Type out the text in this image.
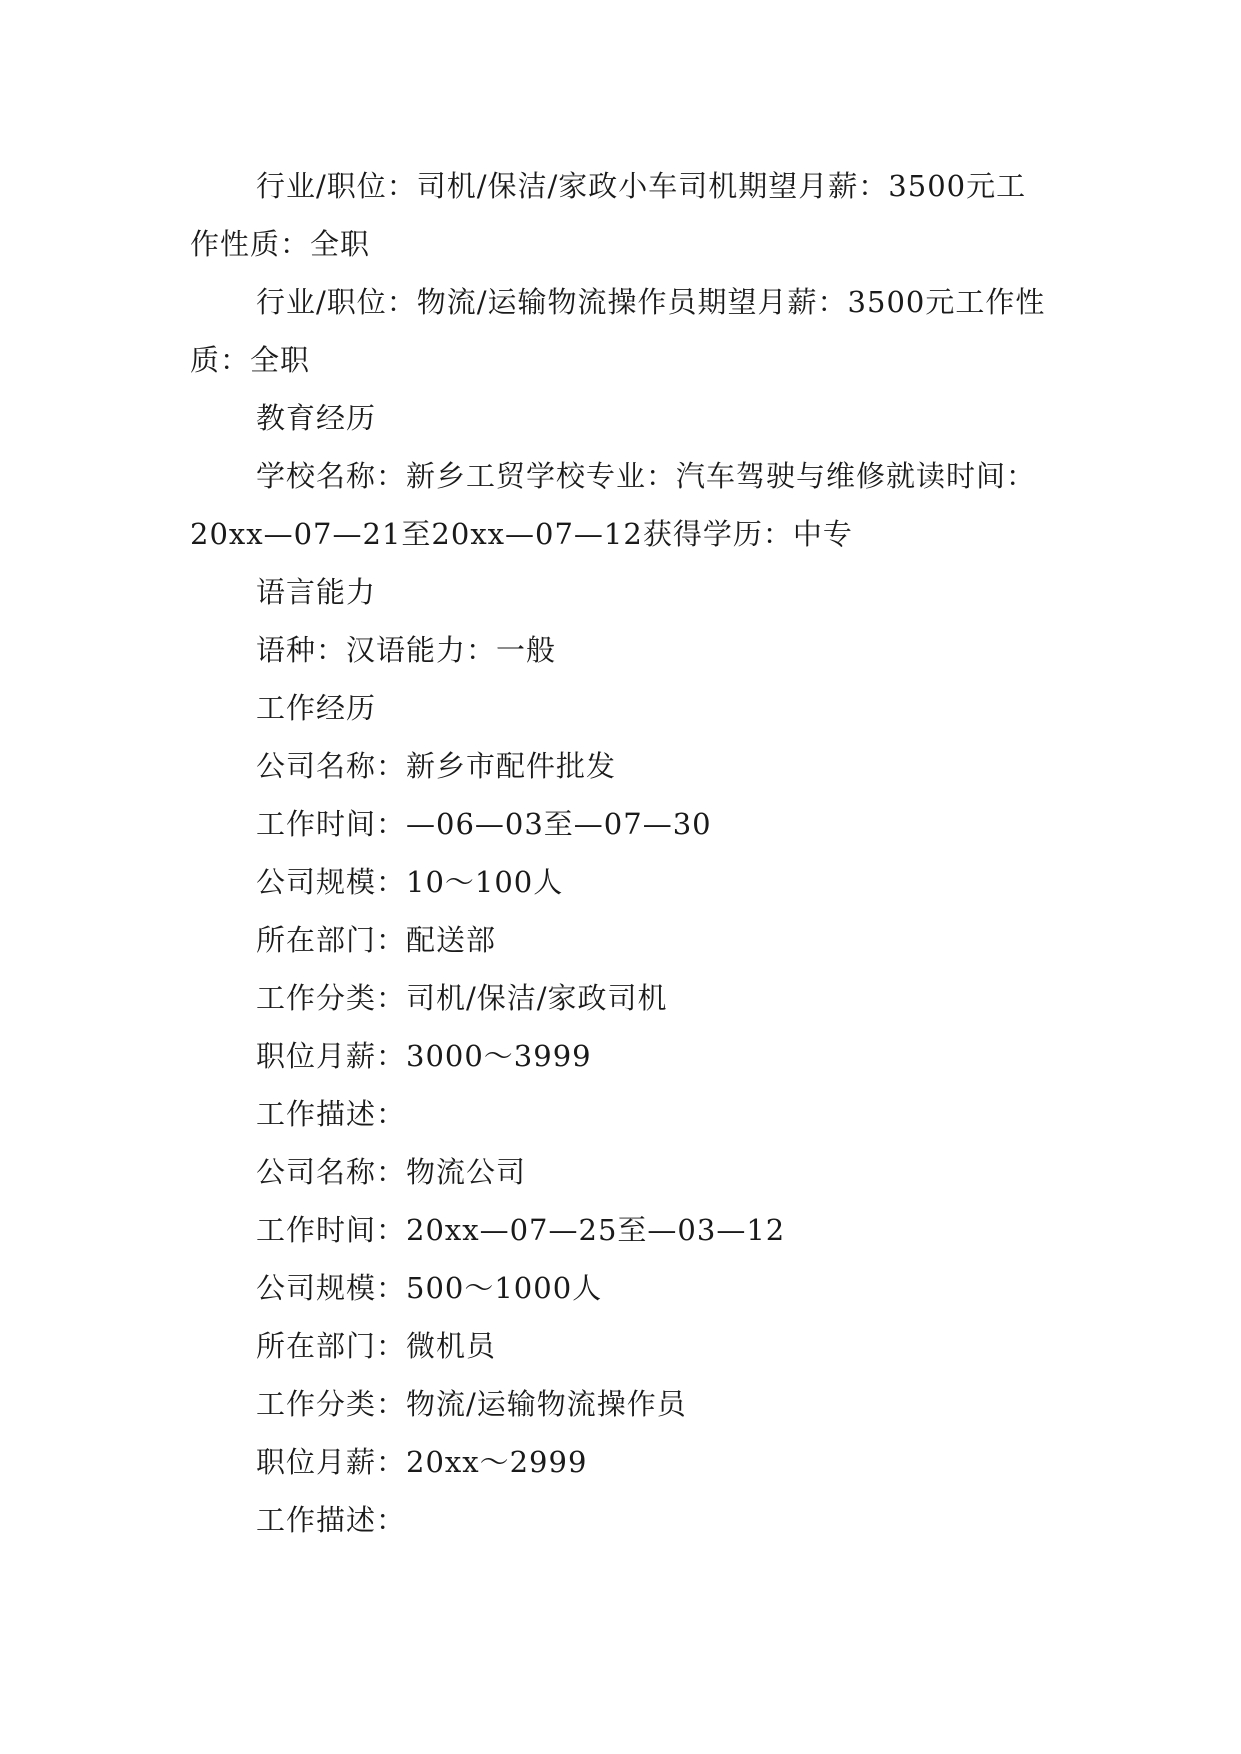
行业/职位：司机/保洁/家政小车司机期望月薪：3500元工作性质：全职

行业/职位：物流/运输物流操作员期望月薪：3500元工作性质：全职

教育经历

学校名称：新乡工贸学校专业：汽车驾驶与维修就读时间：20xx—07—21至20xx—07—12获得学历：中专

语言能力

语种：汉语能力：一般

工作经历

公司名称：新乡市配件批发

工作时间：—06—03至—07—30

公司规模：10～100人

所在部门：配送部

工作分类：司机/保洁/家政司机

职位月薪：3000～3999

工作描述：

公司名称：物流公司

工作时间：20xx—07—25至—03—12

公司规模：500～1000人

所在部门：微机员

工作分类：物流/运输物流操作员

职位月薪：20xx～2999

工作描述：
